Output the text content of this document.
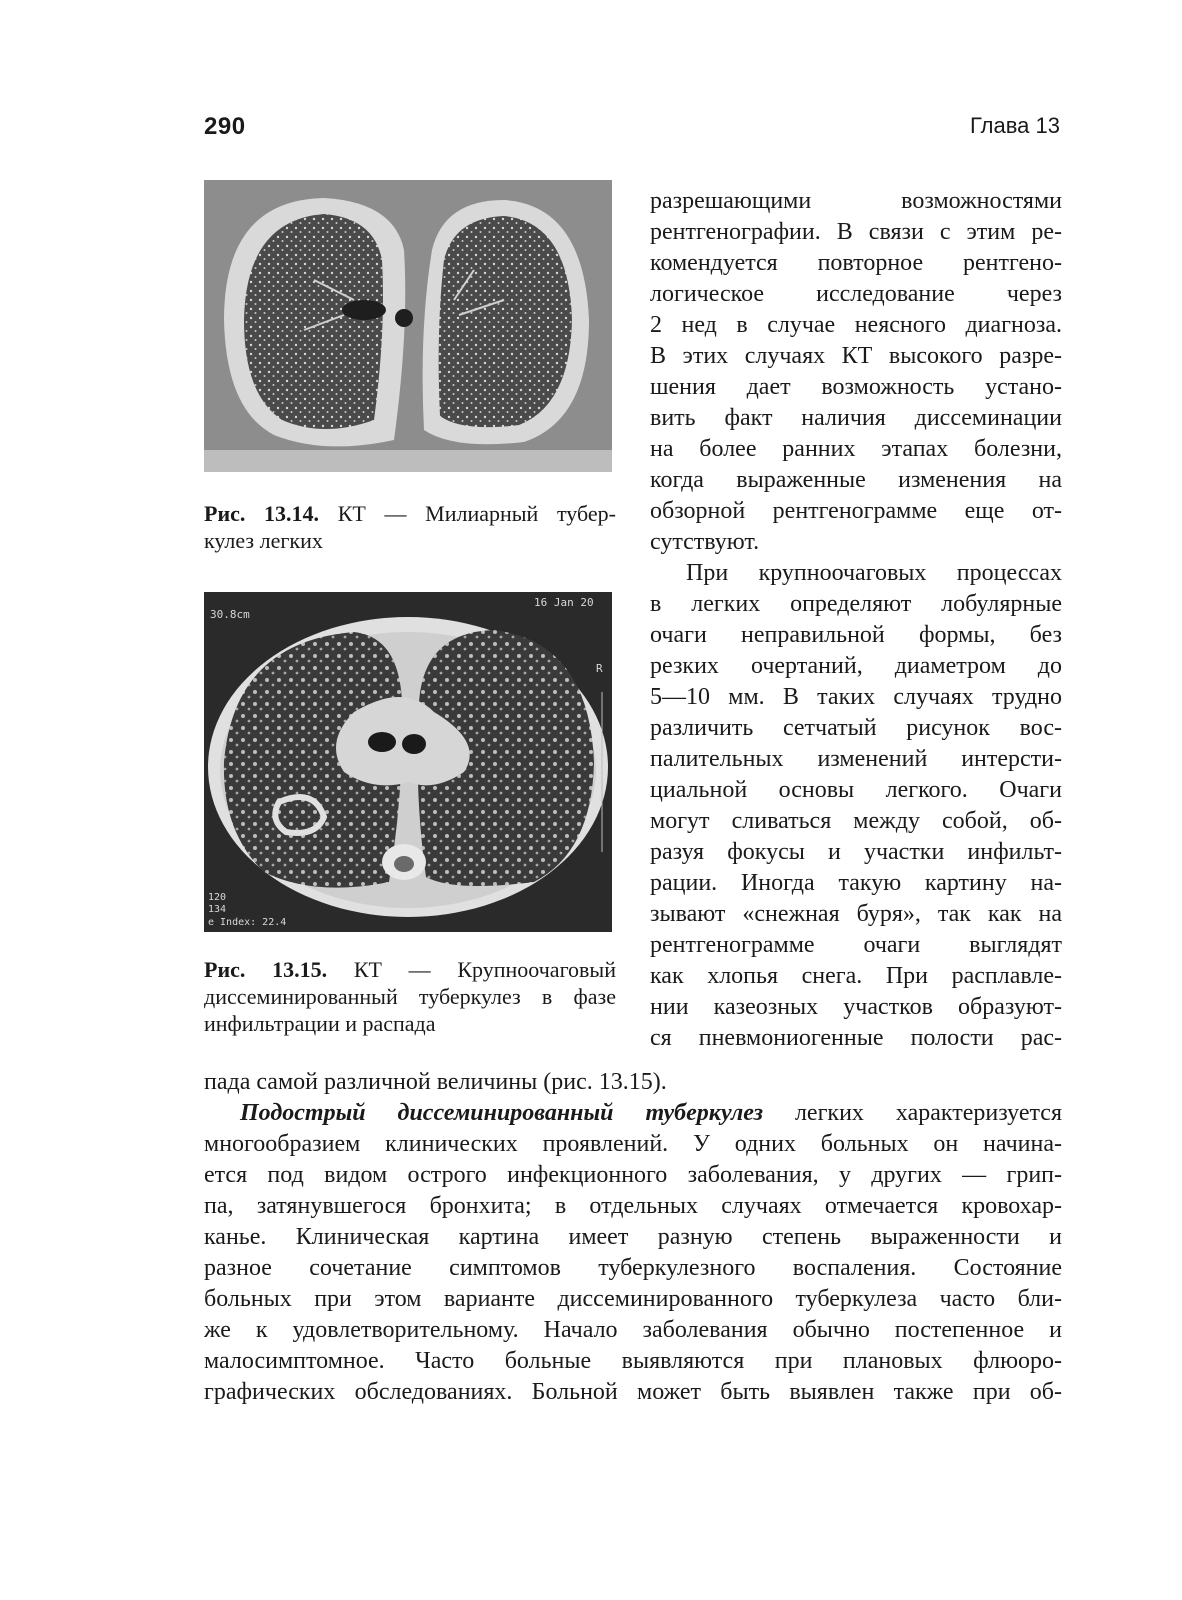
290	Глава 13
Рис. 13.14. КТ — Милиарный тубер-
кулез легких
30.8cm
16 Jan 20
R
120
134
e Index: 22.4
Рис. 13.15. КТ — Крупноочаговый
диссеминированный туберкулез в фазе
инфильтрации и распада
разрешающими возможностями
рентгенографии. В связи с этим ре-
комендуется повторное рентгено-
логическое исследование через
2 нед в случае неясного диагноза.
В этих случаях КТ высокого разре-
шения дает возможность устано-
вить факт наличия диссеминации
на более ранних этапах болезни,
когда выраженные изменения на
обзорной рентгенограмме еще от-
сутствуют.
При крупноочаговых процессах
в легких определяют лобулярные
очаги неправильной формы, без
резких очертаний, диаметром до
5—10 мм. В таких случаях трудно
различить сетчатый рисунок вос-
палительных изменений интерсти-
циальной основы легкого. Очаги
могут сливаться между собой, об-
разуя фокусы и участки инфильт-
рации. Иногда такую картину на-
зывают «снежная буря», так как на
рентгенограмме очаги выглядят
как хлопья снега. При расплавле-
нии казеозных участков образуют-
ся пневмониогенные полости рас-
пада самой различной величины (рис. 13.15).
Подострый диссеминированный туберкулез легких характеризуется
многообразием клинических проявлений. У одних больных он начина-
ется под видом острого инфекционного заболевания, у других — грип-
па, затянувшегося бронхита; в отдельных случаях отмечается кровохар-
канье. Клиническая картина имеет разную степень выраженности и
разное сочетание симптомов туберкулезного воспаления. Состояние
больных при этом варианте диссеминированного туберкулеза часто бли-
же к удовлетворительному. Начало заболевания обычно постепенное и
малосимптомное. Часто больные выявляются при плановых флюоро-
графических обследованиях. Больной может быть выявлен также при об-
